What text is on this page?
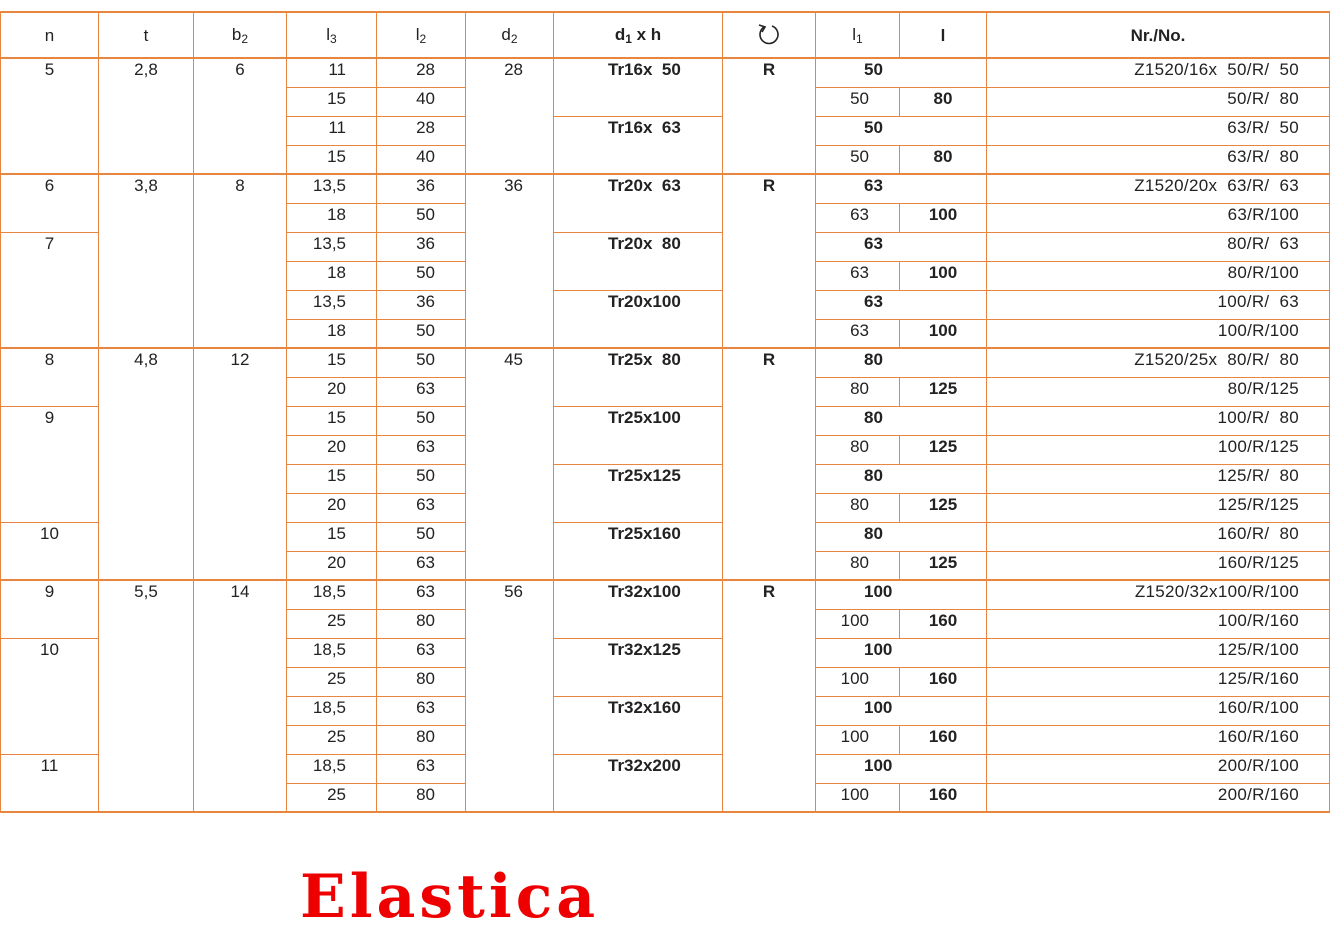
n	t	$b_2$	$l_3$	$l_2$	$d_2$	$d_1$ x h		$l_1$	l	Nr./No.
5	2,8	6	11	28	28	Tr16x  50	R		50	Z1520/16x  50/R/  50
			15	40				50	80	50/R/  80
			11	28		Tr16x  63			50	63/R/  50
			15	40				50	80	63/R/  80
6	3,8	8	13,5	36	36	Tr20x  63	R		63	Z1520/20x  63/R/  63
			18	50				63	100	63/R/100
7			13,5	36		Tr20x  80			63	80/R/  63
			18	50				63	100	80/R/100
			13,5	36		Tr20x100			63	100/R/  63
			18	50				63	100	100/R/100
8	4,8	12	15	50	45	Tr25x  80	R		80	Z1520/25x  80/R/  80
			20	63				80	125	80/R/125
9			15	50		Tr25x100			80	100/R/  80
			20	63				80	125	100/R/125
			15	50		Tr25x125			80	125/R/  80
			20	63				80	125	125/R/125
10			15	50		Tr25x160			80	160/R/  80
			20	63				80	125	160/R/125
9	5,5	14	18,5	63	56	Tr32x100	R		100	Z1520/32x100/R/100
			25	80				100	160	100/R/160
10			18,5	63		Tr32x125			100	125/R/100
			25	80				100	160	125/R/160
			18,5	63		Tr32x160			100	160/R/100
			25	80				100	160	160/R/160
11			18,5	63		Tr32x200			100	200/R/100
			25	80				100	160	200/R/160
Elastica
